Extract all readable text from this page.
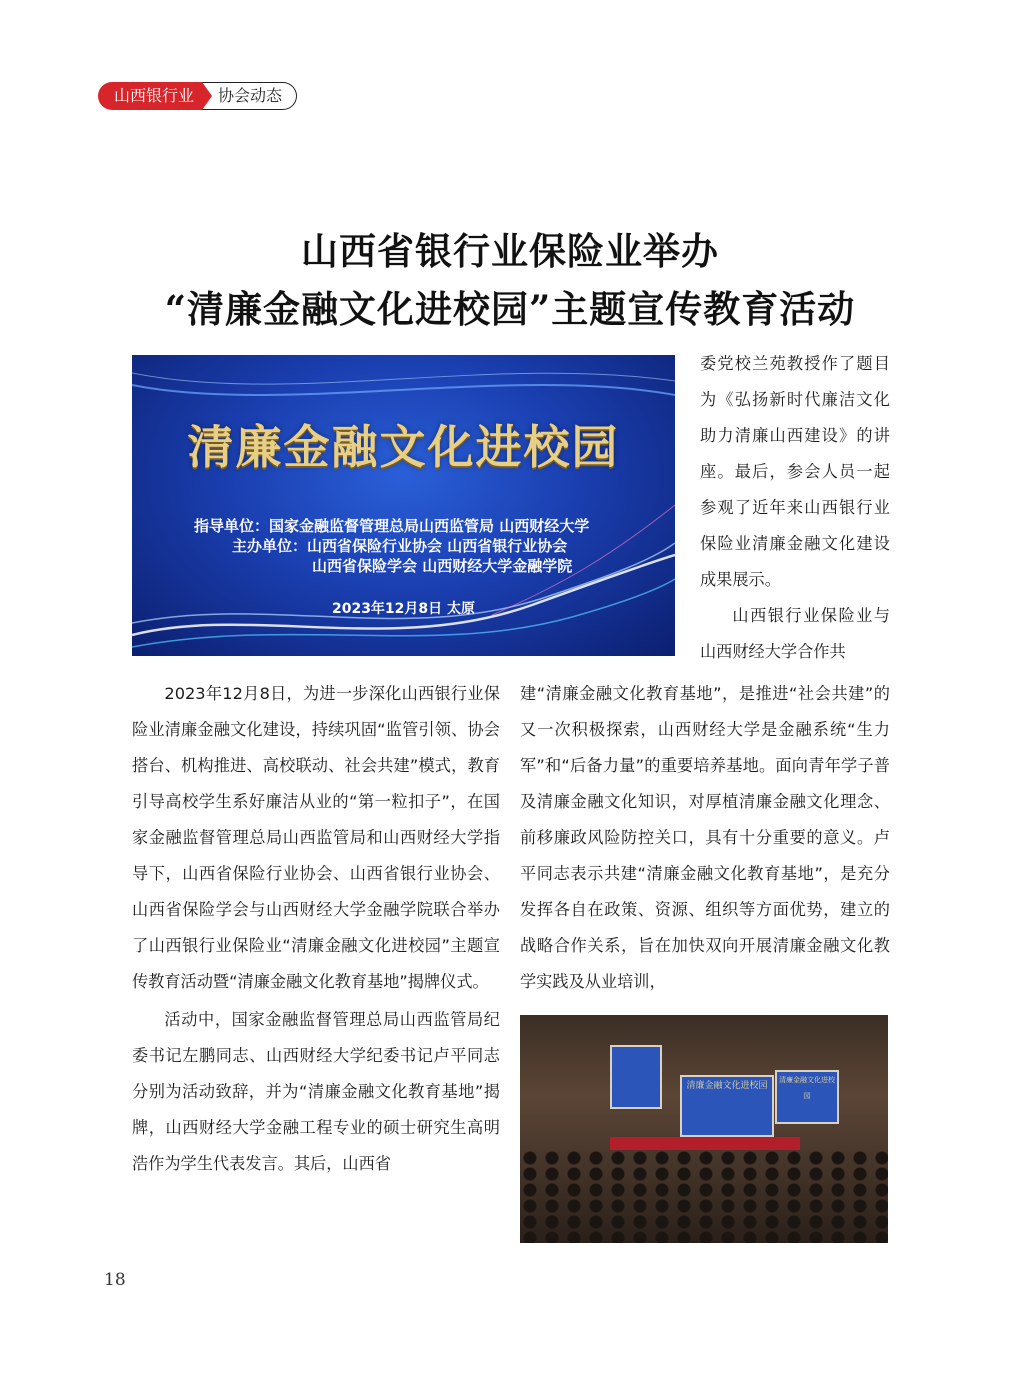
山西银行业	协会动态
山西省银行业保险业举办
“清廉金融文化进校园”主题宣传教育活动
清廉金融文化进校园
指导单位：国家金融监督管理总局山西监管局 山西财经大学
主办单位：山西省保险行业协会 山西省银行业协会
山西省保险学会 山西财经大学金融学院
2023年12月8日 太原

委党校兰苑教授作了题目为《弘扬新时代廉洁文化 助力清廉山西建设》的讲座。最后，参会人员一起参观了近年来山西银行业保险业清廉金融文化建设成果展示。

山西银行业保险业与山西财经大学合作共

2023年12月8日，为进一步深化山西银行业保险业清廉金融文化建设，持续巩固“监管引领、协会搭台、机构推进、高校联动、社会共建”模式，教育引导高校学生系好廉洁从业的“第一粒扣子”，在国家金融监督管理总局山西监管局和山西财经大学指导下，山西省保险行业协会、山西省银行业协会、山西省保险学会与山西财经大学金融学院联合举办了山西银行业保险业“清廉金融文化进校园”主题宣传教育活动暨“清廉金融文化教育基地”揭牌仪式。

活动中，国家金融监督管理总局山西监管局纪委书记左鹏同志、山西财经大学纪委书记卢平同志分别为活动致辞，并为“清廉金融文化教育基地”揭牌，山西财经大学金融工程专业的硕士研究生高明浩作为学生代表发言。其后，山西省

建“清廉金融文化教育基地”，是推进“社会共建”的又一次积极探索，山西财经大学是金融系统“生力军”和“后备力量”的重要培养基地。面向青年学子普及清廉金融文化知识，对厚植清廉金融文化理念、前移廉政风险防控关口，具有十分重要的意义。卢平同志表示共建“清廉金融文化教育基地”，是充分发挥各自在政策、资源、组织等方面优势，建立的战略合作关系，旨在加快双向开展清廉金融文化教学实践及从业培训，

清廉金融文化进校园
清廉金融文化进校园
18
